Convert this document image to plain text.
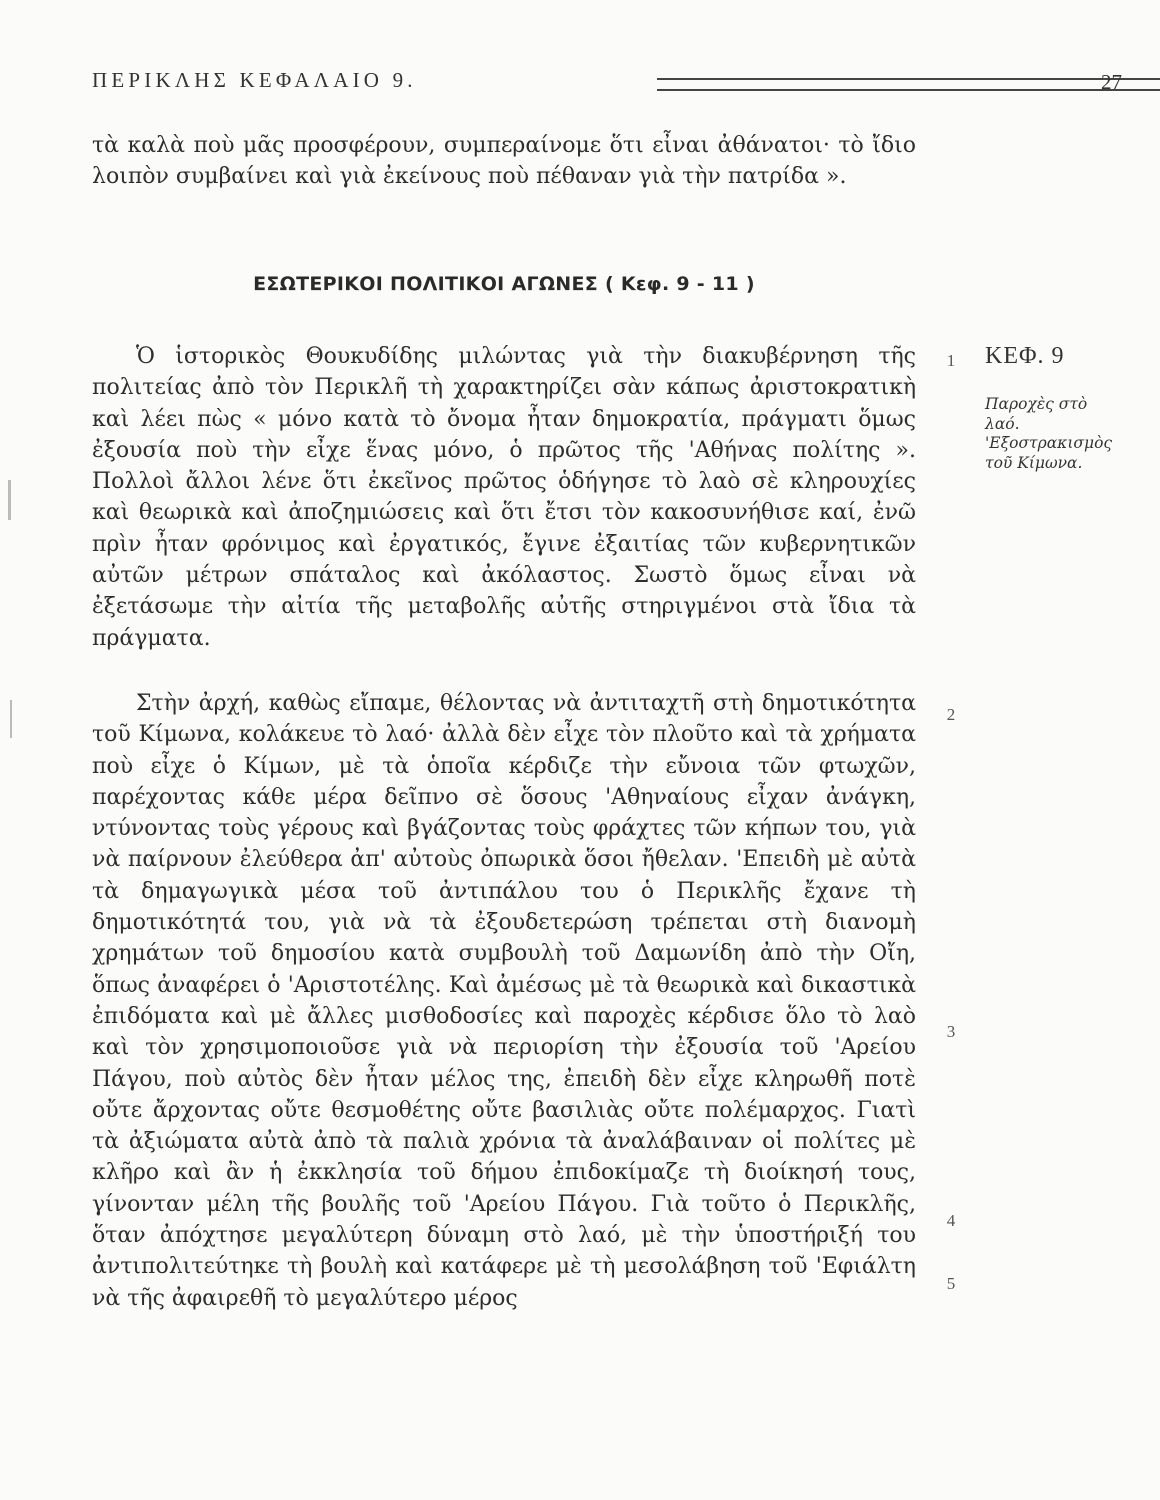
ΠΕΡΙΚΛΗΣ ΚΕΦΑΛΑΙΟ 9.	27
τὰ καλὰ ποὺ μᾶς προσφέρουν, συμπεραίνομε ὅτι εἶναι ἀθάνατοι· τὸ ἴδιο λοιπὸν συμβαίνει καὶ γιὰ ἐκείνους ποὺ πέθαναν γιὰ τὴν πατρίδα ».
ΕΣΩΤΕΡΙΚΟΙ ΠΟΛΙΤΙΚΟΙ ΑΓΩΝΕΣ ( Κεφ. 9 - 11 )
Ὁ ἱστορικὸς Θουκυδίδης μιλώντας γιὰ τὴν διακυβέρνηση τῆς πολιτείας ἀπὸ τὸν Περικλῆ τὴ χαρακτηρίζει σὰν κάπως ἀριστοκρατικὴ καὶ λέει πὼς « μόνο κατὰ τὸ ὄνομα ἦταν δημοκρατία, πράγματι ὅμως ἐξουσία ποὺ τὴν εἶχε ἕνας μόνο, ὁ πρῶτος τῆς 'Αθήνας πολίτης ». Πολλοὶ ἄλλοι λένε ὅτι ἐκεῖνος πρῶτος ὁδήγησε τὸ λαὸ σὲ κληρουχίες καὶ θεωρικὰ καὶ ἀποζημιώσεις καὶ ὅτι ἔτσι τὸν κακοσυνήθισε καί, ἐνῶ πρὶν ἦταν φρόνιμος καὶ ἐργατικός, ἔγινε ἐξαιτίας τῶν κυβερνητικῶν αὐτῶν μέτρων σπάταλος καὶ ἀκόλαστος. Σωστὸ ὅμως εἶναι νὰ ἐξετάσωμε τὴν αἰτία τῆς μεταβολῆς αὐτῆς στηριγμένοι στὰ ἴδια τὰ πράγματα.
Στὴν ἀρχή, καθὼς εἴπαμε, θέλοντας νὰ ἀντιταχτῆ στὴ δημοτικότητα τοῦ Κίμωνα, κολάκευε τὸ λαό· ἀλλὰ δὲν εἶχε τὸν πλοῦτο καὶ τὰ χρήματα ποὺ εἶχε ὁ Κίμων, μὲ τὰ ὁποῖα κέρδιζε τὴν εὔνοια τῶν φτωχῶν, παρέχοντας κάθε μέρα δεῖπνο σὲ ὅσους 'Αθηναίους εἶχαν ἀνάγκη, ντύνοντας τοὺς γέρους καὶ βγάζοντας τοὺς φράχτες τῶν κήπων του, γιὰ νὰ παίρνουν ἐλεύθερα ἀπ' αὐτοὺς ὀπωρικὰ ὅσοι ἤθελαν. 'Επειδὴ μὲ αὐτὰ τὰ δημαγωγικὰ μέσα τοῦ ἀντιπάλου του ὁ Περικλῆς ἔχανε τὴ δημοτικότητά του, γιὰ νὰ τὰ ἐξουδετερώση τρέπεται στὴ διανομὴ χρημάτων τοῦ δημοσίου κατὰ συμβουλὴ τοῦ Δαμωνίδη ἀπὸ τὴν Οἴη, ὅπως ἀναφέρει ὁ 'Αριστοτέλης. Καὶ ἀμέσως μὲ τὰ θεωρικὰ καὶ δικαστικὰ ἐπιδόματα καὶ μὲ ἄλλες μισθοδοσίες καὶ παροχὲς κέρδισε ὅλο τὸ λαὸ καὶ τὸν χρησιμοποιοῦσε γιὰ νὰ περιορίση τὴν ἐξουσία τοῦ 'Αρείου Πάγου, ποὺ αὐτὸς δὲν ἦταν μέλος της, ἐπειδὴ δὲν εἶχε κληρωθῆ ποτὲ οὔτε ἄρχοντας οὔτε θεσμοθέτης οὔτε βασιλιὰς οὔτε πολέμαρχος. Γιατὶ τὰ ἀξιώματα αὐτὰ ἀπὸ τὰ παλιὰ χρόνια τὰ ἀναλάβαιναν οἱ πολίτες μὲ κλῆρο καὶ ἂν ἡ ἐκκλησία τοῦ δήμου ἐπιδοκίμαζε τὴ διοίκησή τους, γίνονταν μέλη τῆς βουλῆς τοῦ 'Αρείου Πάγου. Γιὰ τοῦτο ὁ Περικλῆς, ὅταν ἀπόχτησε μεγαλύτερη δύναμη στὸ λαό, μὲ τὴν ὑποστήριξή του ἀντιπολιτεύτηκε τὴ βουλὴ καὶ κατάφερε μὲ τὴ μεσολάβηση τοῦ 'Εφιάλτη νὰ τῆς ἀφαιρεθῆ τὸ μεγαλύτερο μέρος
1
2
3
4
5
ΚΕΦ. 9
Παροχὲς στὸ λαό. 'Εξοστρακισμὸς τοῦ Κίμωνα.
